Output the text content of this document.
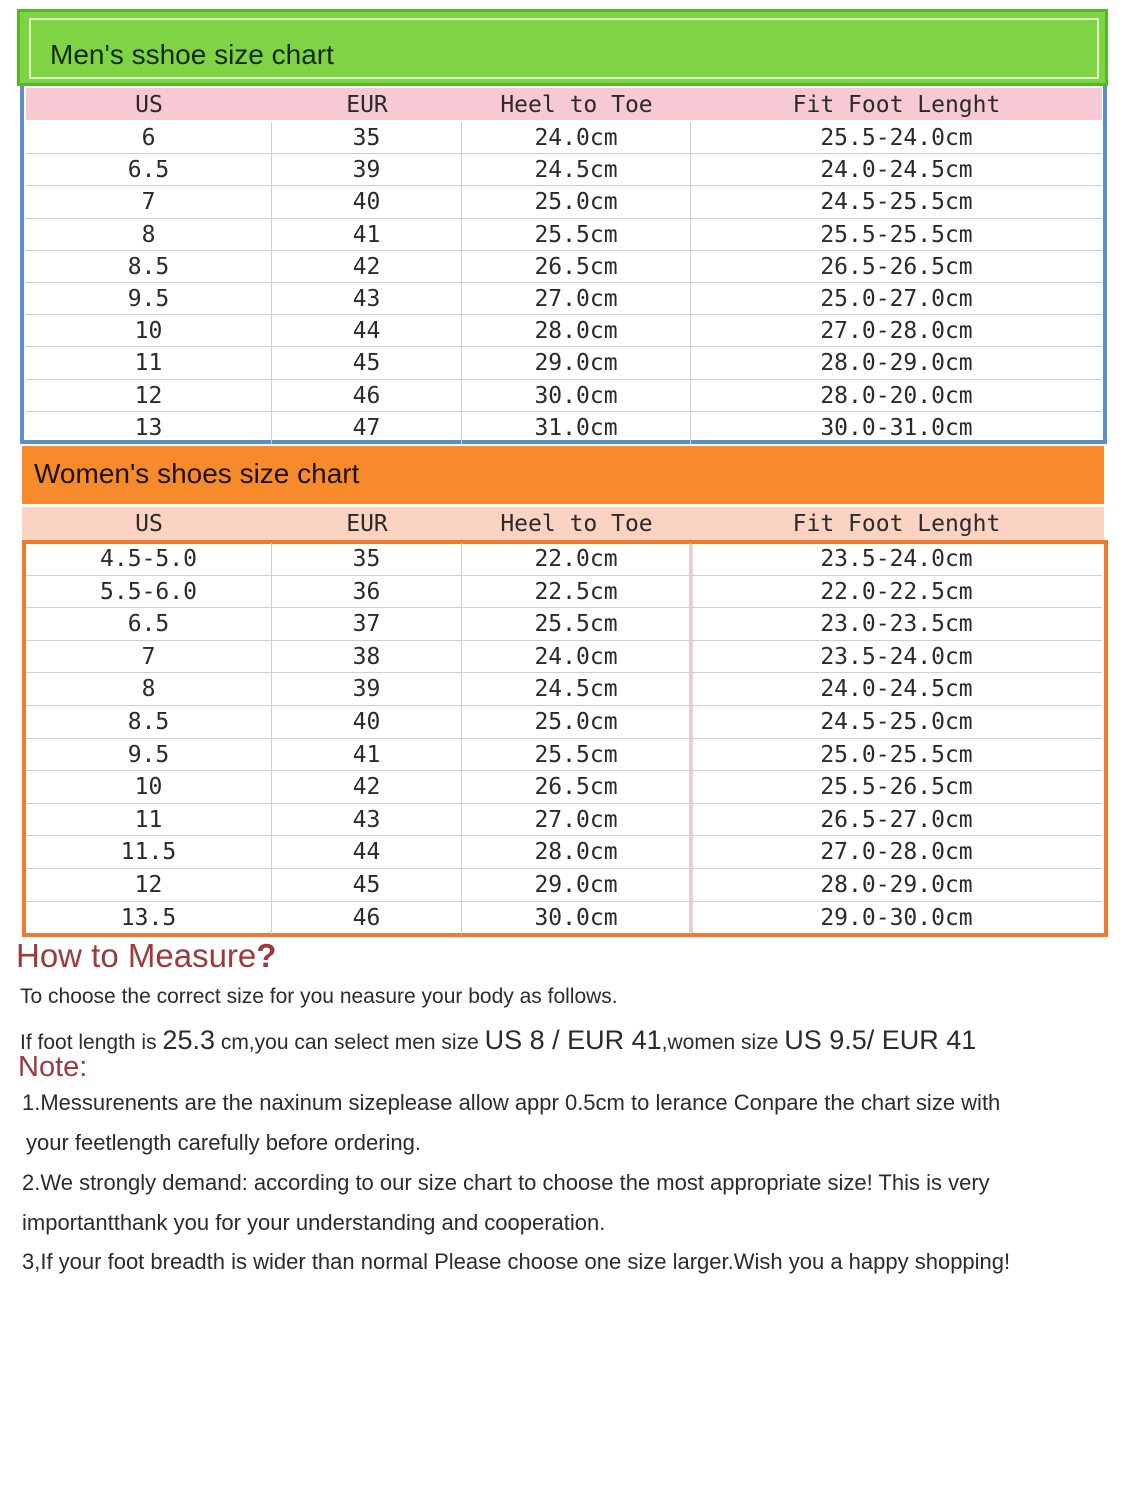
Men's sshoe size chart
US	EUR	Heel to Toe	Fit Foot Lenght
6	35	24.0cm	25.5-24.0cm
6.5	39	24.5cm	24.0-24.5cm
7	40	25.0cm	24.5-25.5cm
8	41	25.5cm	25.5-25.5cm
8.5	42	26.5cm	26.5-26.5cm
9.5	43	27.0cm	25.0-27.0cm
10	44	28.0cm	27.0-28.0cm
11	45	29.0cm	28.0-29.0cm
12	46	30.0cm	28.0-20.0cm
13	47	31.0cm	30.0-31.0cm
Women's shoes size chart
US	EUR	Heel to Toe	Fit Foot Lenght
4.5-5.0	35	22.0cm	23.5-24.0cm
5.5-6.0	36	22.5cm	22.0-22.5cm
6.5	37	25.5cm	23.0-23.5cm
7	38	24.0cm	23.5-24.0cm
8	39	24.5cm	24.0-24.5cm
8.5	40	25.0cm	24.5-25.0cm
9.5	41	25.5cm	25.0-25.5cm
10	42	26.5cm	25.5-26.5cm
11	43	27.0cm	26.5-27.0cm
11.5	44	28.0cm	27.0-28.0cm
12	45	29.0cm	28.0-29.0cm
13.5	46	30.0cm	29.0-30.0cm
How to Measure?
To choose the correct size for you neasure your body as follows.
If foot length is 25.3 cm,you can select men size US 8 / EUR 41,women size US 9.5/ EUR 41
Note:
1.Messurenents are the naxinum sizeplease allow appr 0.5cm to lerance Conpare the chart size with
your feetlength carefully before ordering.
2.We strongly demand: according to our size chart to choose the most appropriate size! This is very
importantthank you for your understanding and cooperation.
3,If your foot breadth is wider than normal Please choose one size larger.Wish you a happy shopping!
